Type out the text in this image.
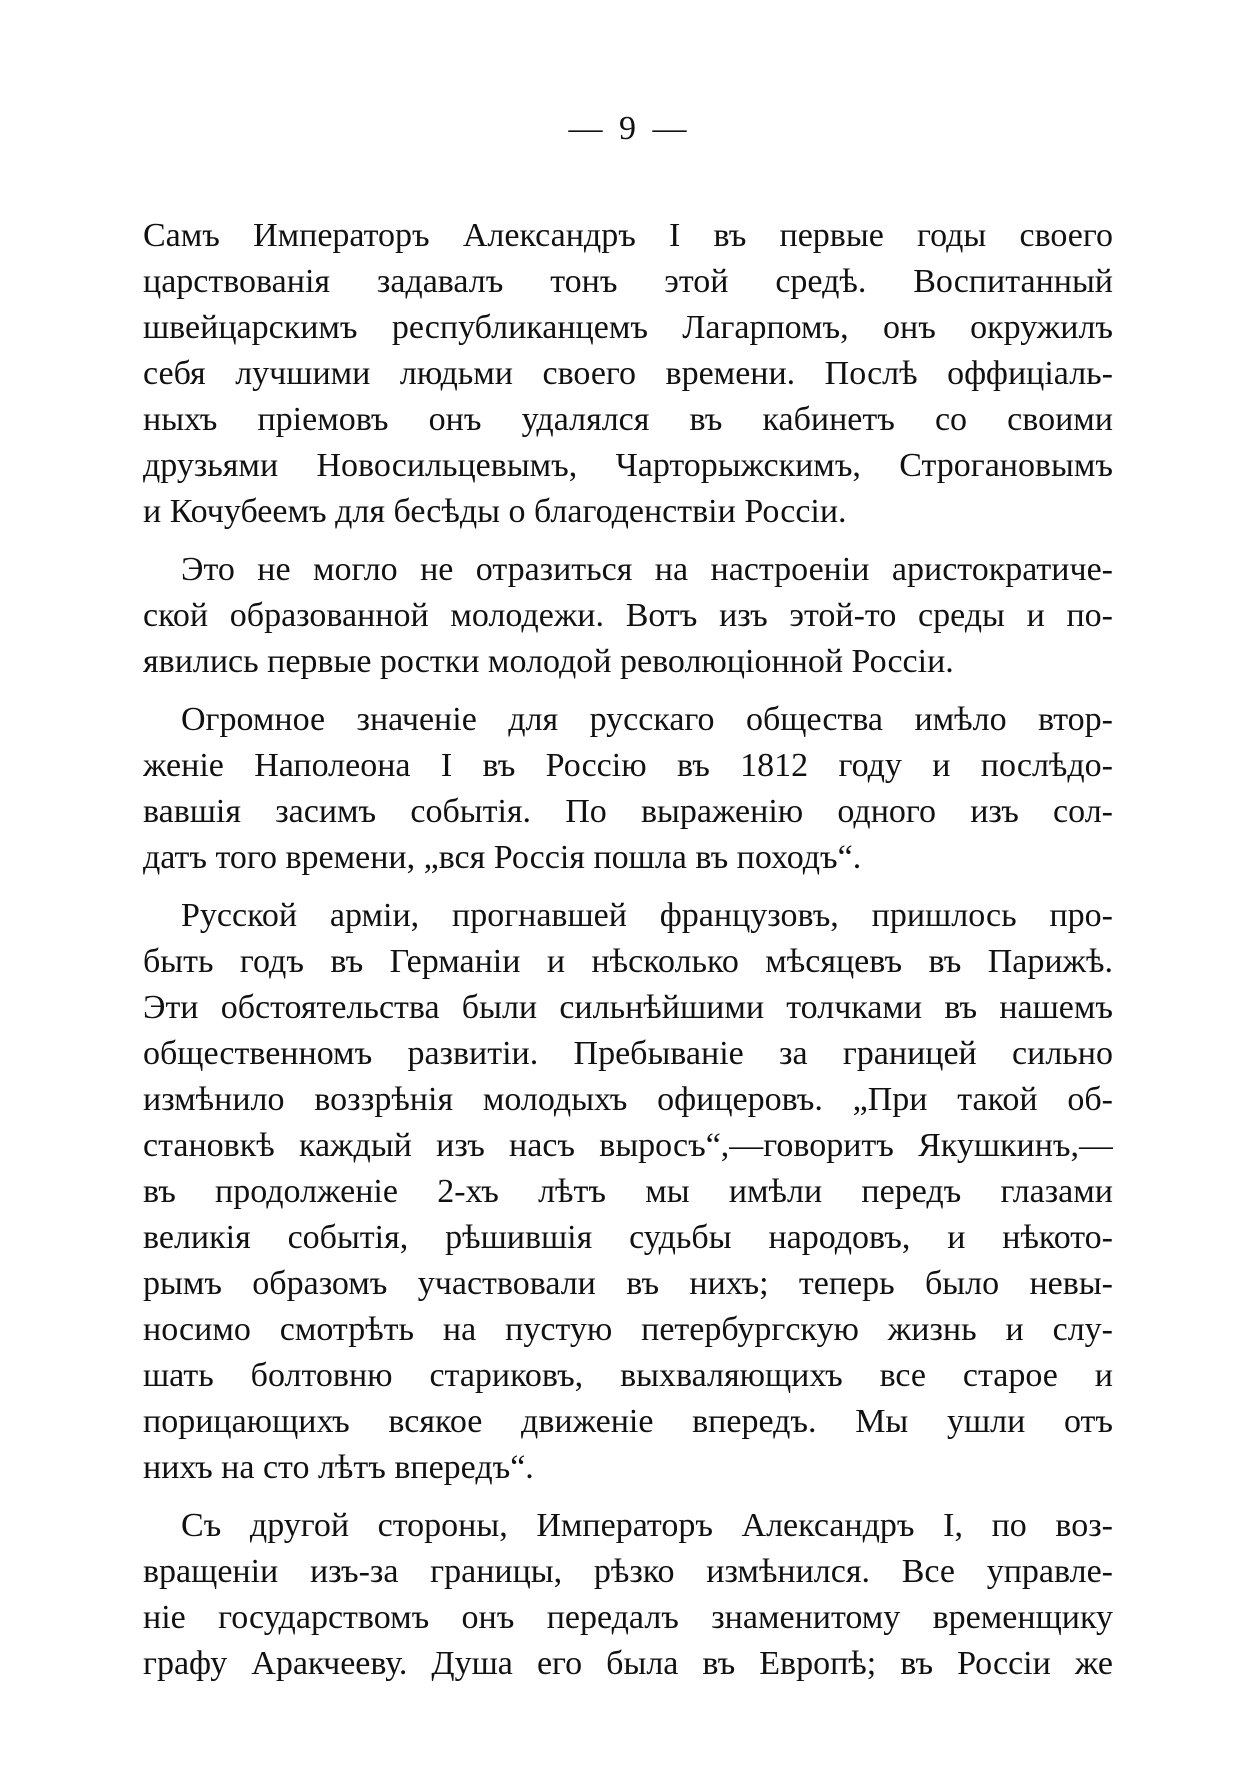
— 9 —
Самъ Императоръ Александръ I въ первые годы своего
царствованія задавалъ тонъ этой средѣ. Воспитанный
швейцарскимъ республиканцемъ Лагарпомъ, онъ окружилъ
себя лучшими людьми своего времени. Послѣ оффиціаль-
ныхъ пріемовъ онъ удалялся въ кабинетъ со своими
друзьями Новосильцевымъ, Чарторыжскимъ, Строгановымъ
и Кочубеемъ для бесѣды о благоденствіи Россіи.
Это не могло не отразиться на настроеніи аристократиче-
ской образованной молодежи. Вотъ изъ этой-то среды и по-
явились первые ростки молодой революціонной Россіи.
Огромное значеніе для русскаго общества имѣло втор-
женіе Наполеона I въ Россію въ 1812 году и послѣдо-
вавшія засимъ событія. По выраженію одного изъ сол-
датъ того времени, „вся Россія пошла въ походъ“.
Русской арміи, прогнавшей французовъ, пришлось про-
быть годъ въ Германіи и нѣсколько мѣсяцевъ въ Парижѣ.
Эти обстоятельства были сильнѣйшими толчками въ нашемъ
общественномъ развитіи. Пребываніе за границей сильно
измѣнило воззрѣнія молодыхъ офицеровъ. „При такой об-
становкѣ каждый изъ насъ выросъ“,—говоритъ Якушкинъ,—
въ продолженіе 2-хъ лѣтъ мы имѣли передъ глазами
великія событія, рѣшившія судьбы народовъ, и нѣкото-
рымъ образомъ участвовали въ нихъ; теперь было невы-
носимо смотрѣть на пустую петербургскую жизнь и слу-
шать болтовню стариковъ, выхваляющихъ все старое и
порицающихъ всякое движеніе впередъ. Мы ушли отъ
нихъ на сто лѣтъ впередъ“.
Съ другой стороны, Императоръ Александръ I, по воз-
вращеніи изъ-за границы, рѣзко измѣнился. Все управле-
ніе государствомъ онъ передалъ знаменитому временщику
графу Аракчееву. Душа его была въ Европѣ; въ Россіи же
